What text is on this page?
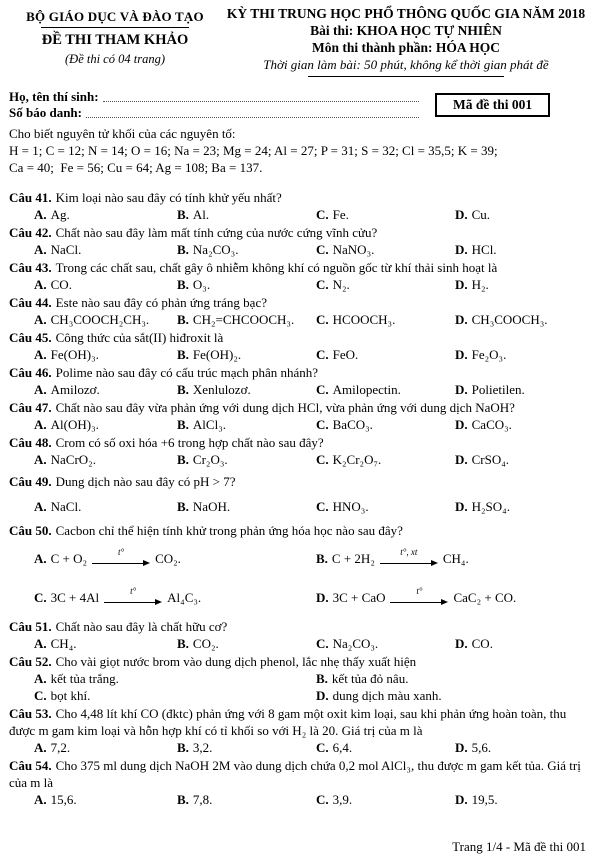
BỘ GIÁO DỤC VÀ ĐÀO TẠO
ĐỀ THI THAM KHẢO
(Đề thi có 04 trang)
KỲ THI TRUNG HỌC PHỔ THÔNG QUỐC GIA NĂM 2018
Bài thi: KHOA HỌC TỰ NHIÊN
Môn thi thành phần: HÓA HỌC
Thời gian làm bài: 50 phút, không kể thời gian phát đề
Họ, tên thí sinh:
Số báo danh:
Mã đề thi 001

Cho biết nguyên tử khối của các nguyên tố:

H = 1; C = 12; N = 14; O = 16; Na = 23; Mg = 24; Al = 27; P = 31; S = 32; Cl = 35,5; K = 39;

Ca = 40;  Fe = 56; Cu = 64; Ag = 108; Ba = 137.

Câu 41. Kim loại nào sau đây có tính khử yếu nhất?

A. Ag.	B. Al.	C. Fe.	D. Cu.

Câu 42. Chất nào sau đây làm mất tính cứng của nước cứng vĩnh cửu?

A. NaCl.	B. Na₂CO₃.	C. NaNO₃.	D. HCl.

Câu 43. Trong các chất sau, chất gây ô nhiễm không khí có nguồn gốc từ khí thải sinh hoạt là

A. CO.	B. O₃.	C. N₂.	D. H₂.

Câu 44. Este nào sau đây có phản ứng tráng bạc?

A. CH₃COOCH₂CH₃.	B. CH₂=CHCOOCH₃.	C. HCOOCH₃.	D. CH₃COOCH₃.

Câu 45. Công thức của sắt(II) hiđroxit là

A. Fe(OH)₃.	B. Fe(OH)₂.	C. FeO.	D. Fe₂O₃.

Câu 46. Polime nào sau đây có cấu trúc mạch phân nhánh?

A. Amilozơ.	B. Xenlulozơ.	C. Amilopectin.	D. Polietilen.

Câu 47. Chất nào sau đây vừa phản ứng với dung dịch HCl, vừa phản ứng với dung dịch NaOH?

A. Al(OH)₃.	B. AlCl₃.	C. BaCO₃.	D. CaCO₃.

Câu 48. Crom có số oxi hóa +6 trong hợp chất nào sau đây?

A. NaCrO₂.	B. Cr₂O₃.	C. K₂Cr₂O₇.	D. CrSO₄.

Câu 49. Dung dịch nào sau đây có pH > 7?

A. NaCl.	B. NaOH.	C. HNO₃.	D. H₂SO₄.

Câu 50. Cacbon chỉ thể hiện tính khử trong phản ứng hóa học nào sau đây?

A. C + O₂	t° CO₂.	B. C + 2H₂	t°, xt CH₄.
C. 3C + 4Al	t° Al₄C₃.	D. 3C + CaO	t° CaC₂ + CO.

Câu 51. Chất nào sau đây là chất hữu cơ?

A. CH₄.	B. CO₂.	C. Na₂CO₃.	D. CO.

Câu 52. Cho vài giọt nước brom vào dung dịch phenol, lắc nhẹ thấy xuất hiện

A. kết tủa trắng.	B. kết tủa đỏ nâu.
C. bọt khí.	D. dung dịch màu xanh.

Câu 53. Cho 4,48 lít khí CO (đktc) phản ứng với 8 gam một oxit kim loại, sau khi phản ứng hoàn toàn, thu được m gam kim loại và hỗn hợp khí có tỉ khối so với H₂ là 20. Giá trị của m là

A. 7,2.	B. 3,2.	C. 6,4.	D. 5,6.

Câu 54. Cho 375 ml dung dịch NaOH 2M vào dung dịch chứa 0,2 mol AlCl₃, thu được m gam kết tủa. Giá trị của m là

A. 15,6.	B. 7,8.	C. 3,9.	D. 19,5.
Trang 1/4 - Mã đề thi 001
